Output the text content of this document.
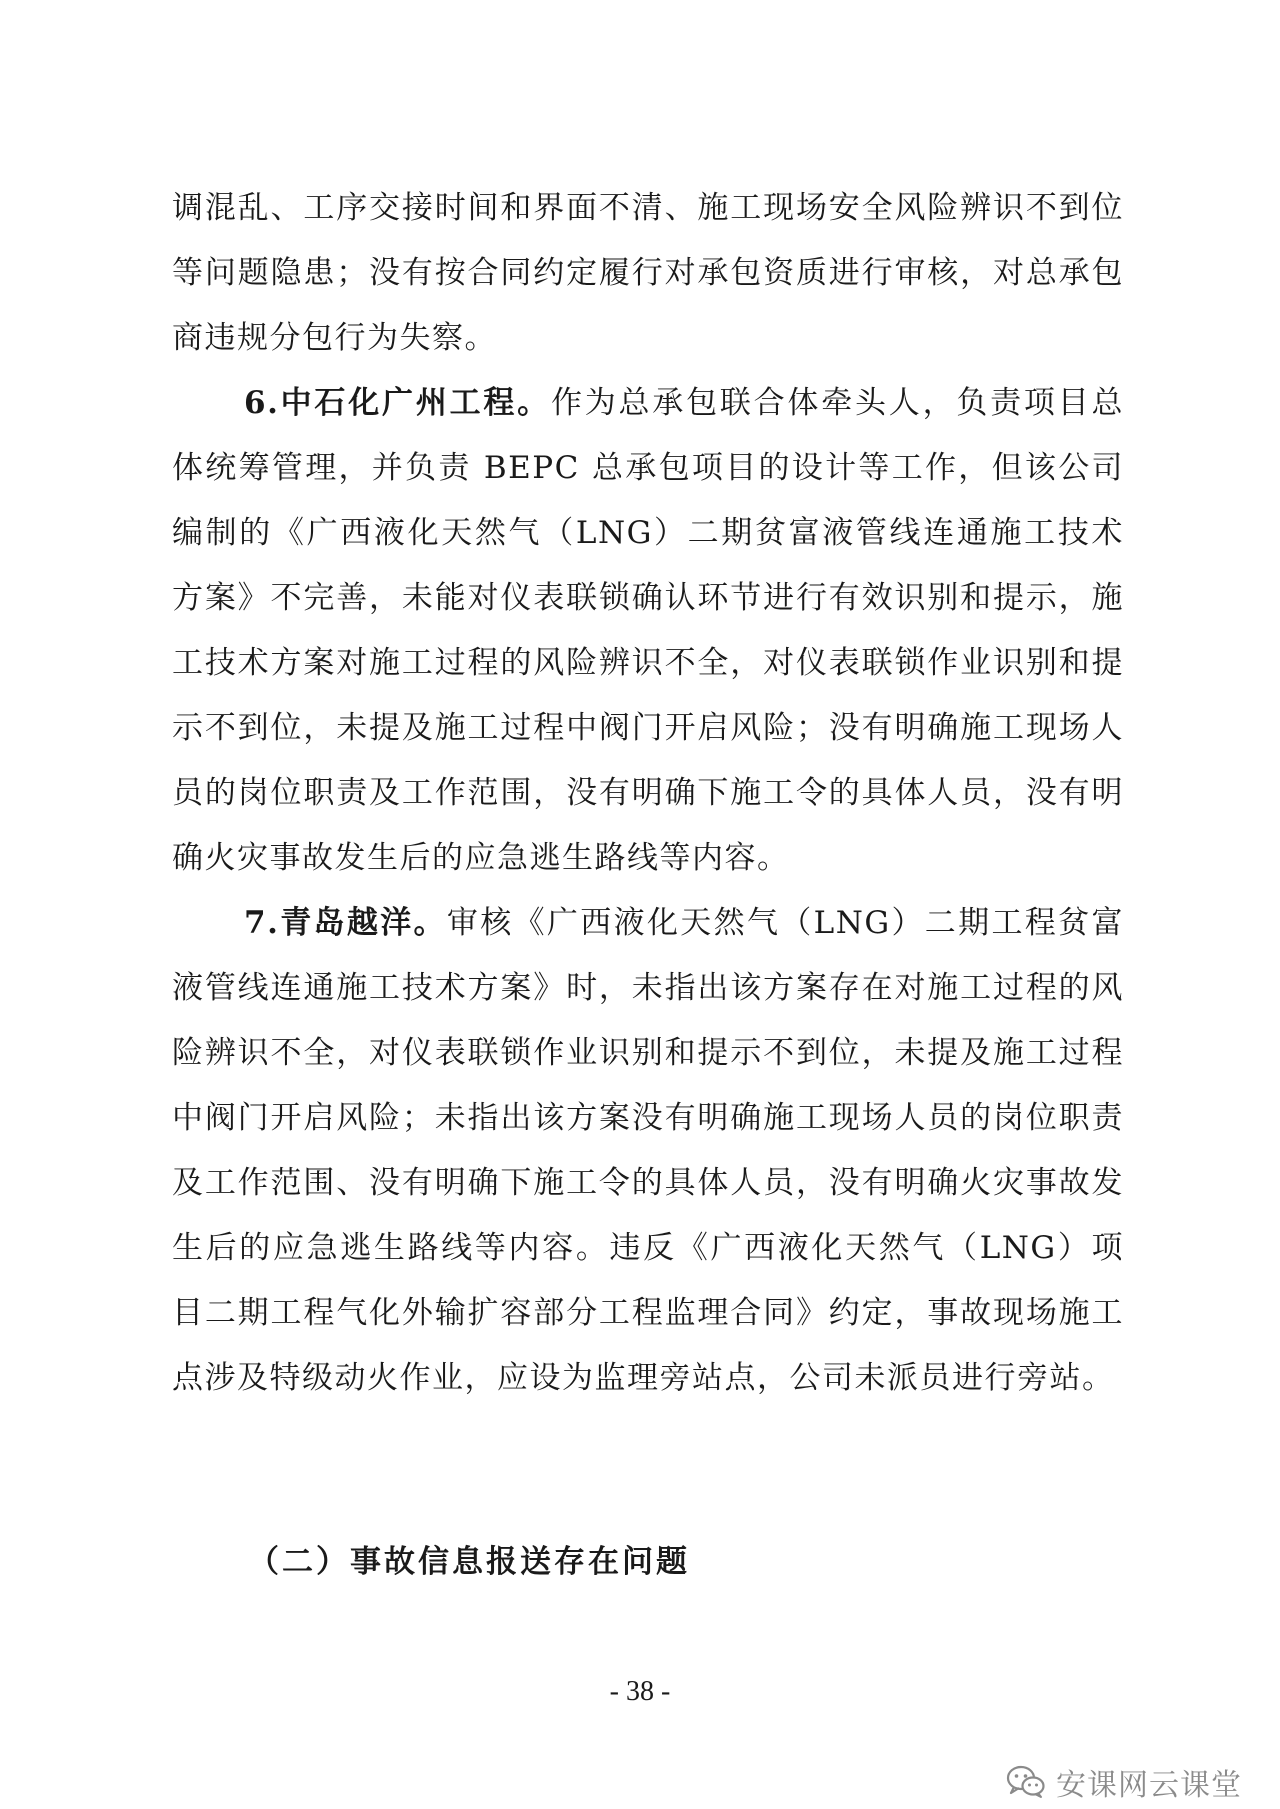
调混乱、工序交接时间和界面不清、施工现场安全风险辨识不到位等问题隐患；没有按合同约定履行对承包资质进行审核，对总承包商违规分包行为失察。

6.中石化广州工程。作为总承包联合体牵头人，负责项目总体统筹管理，并负责 BEPC 总承包项目的设计等工作，但该公司编制的《广西液化天然气（LNG）二期贫富液管线连通施工技术方案》不完善，未能对仪表联锁确认环节进行有效识别和提示，施工技术方案对施工过程的风险辨识不全，对仪表联锁作业识别和提示不到位，未提及施工过程中阀门开启风险；没有明确施工现场人员的岗位职责及工作范围，没有明确下施工令的具体人员，没有明确火灾事故发生后的应急逃生路线等内容。

7.青岛越洋。审核《广西液化天然气（LNG）二期工程贫富液管线连通施工技术方案》时，未指出该方案存在对施工过程的风险辨识不全，对仪表联锁作业识别和提示不到位，未提及施工过程中阀门开启风险；未指出该方案没有明确施工现场人员的岗位职责及工作范围、没有明确下施工令的具体人员，没有明确火灾事故发生后的应急逃生路线等内容。违反《广西液化天然气（LNG）项目二期工程气化外输扩容部分工程监理合同》约定，事故现场施工点涉及特级动火作业，应设为监理旁站点，公司未派员进行旁站。

（二）事故信息报送存在问题
- 38 -
安课网云课堂
